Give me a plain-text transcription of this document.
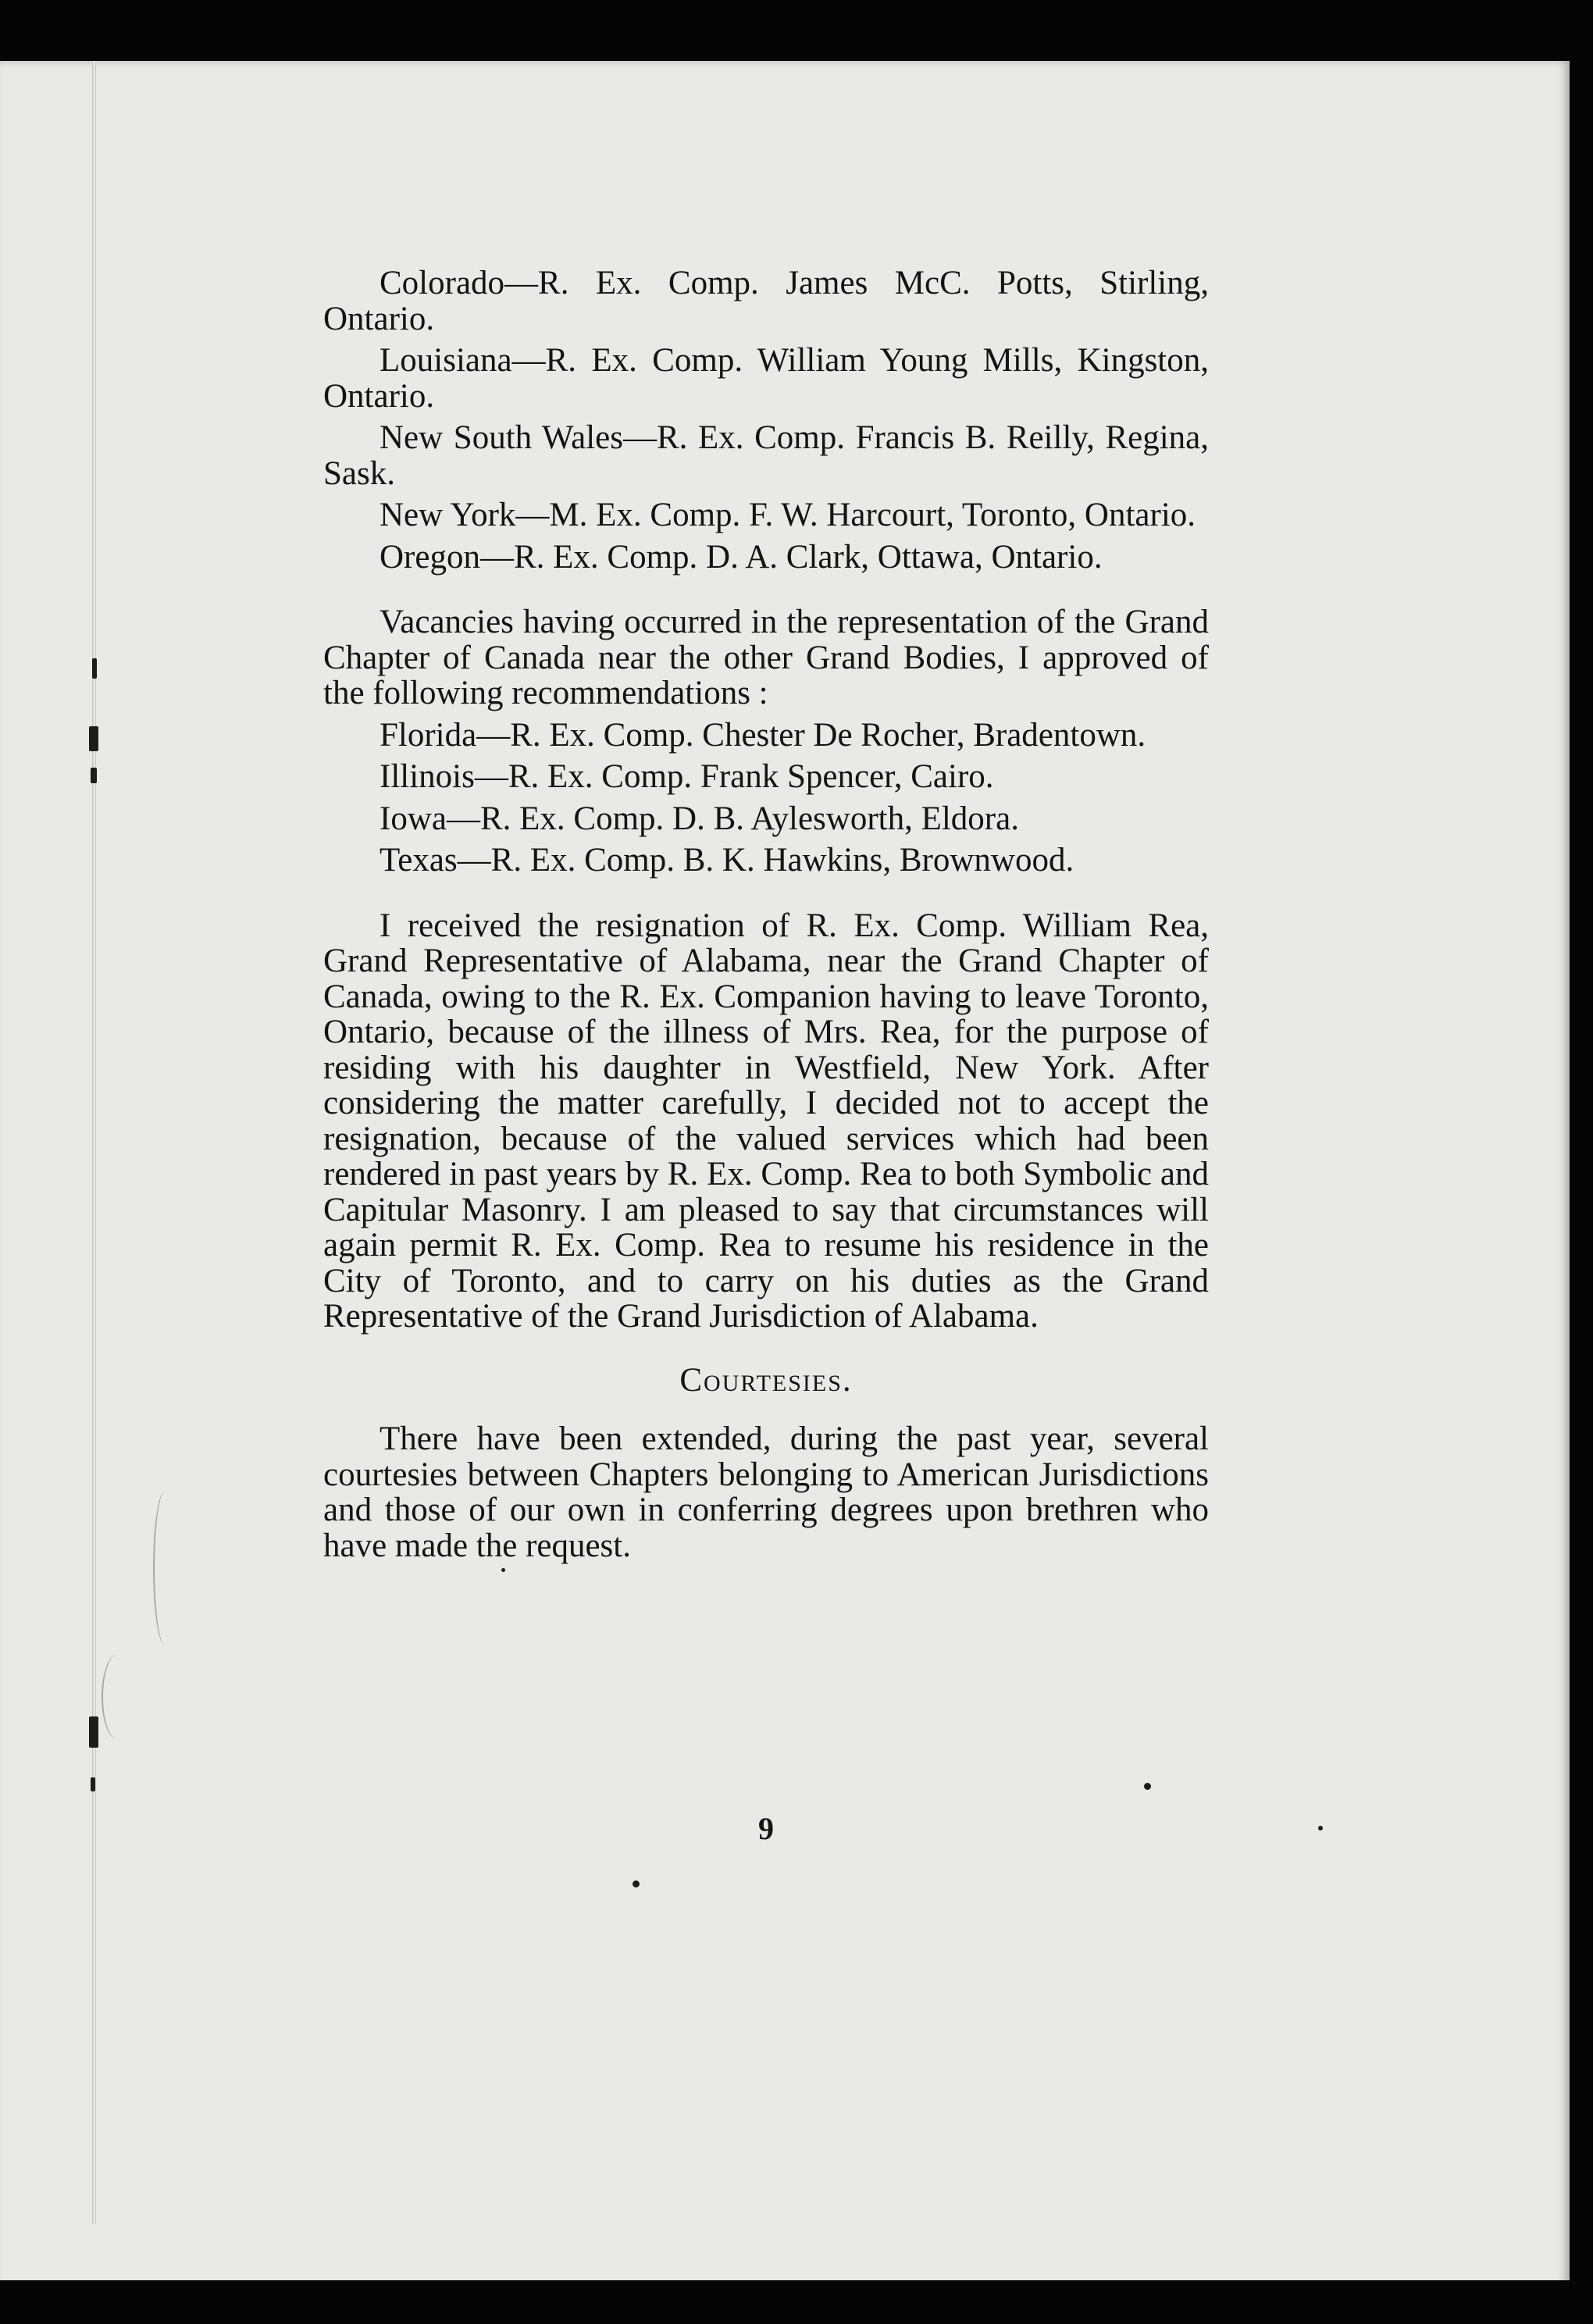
Colorado—R. Ex. Comp. James McC. Potts, Stirling, Ontario.

Louisiana—R. Ex. Comp. William Young Mills, Kingston, Ontario.

New South Wales—R. Ex. Comp. Francis B. Reilly, Regina, Sask.

New York—M. Ex. Comp. F. W. Harcourt, Toronto, Ontario.

Oregon—R. Ex. Comp. D. A. Clark, Ottawa, Ontario.

Vacancies having occurred in the representation of the Grand Chapter of Canada near the other Grand Bodies, I approved of the following recommendations :

Florida—R. Ex. Comp. Chester De Rocher, Bradentown.

Illinois—R. Ex. Comp. Frank Spencer, Cairo.

Iowa—R. Ex. Comp. D. B. Aylesworth, Eldora.

Texas—R. Ex. Comp. B. K. Hawkins, Brownwood.

I received the resignation of R. Ex. Comp. William Rea, Grand Representative of Alabama, near the Grand Chapter of Canada, owing to the R. Ex. Companion having to leave Toronto, Ontario, because of the illness of Mrs. Rea, for the purpose of residing with his daughter in Westfield, New York. After considering the matter carefully, I decided not to accept the resignation, because of the valued services which had been rendered in past years by R. Ex. Comp. Rea to both Symbolic and Capitular Masonry. I am pleased to say that circumstances will again permit R. Ex. Comp. Rea to resume his residence in the City of Toronto, and to carry on his duties as the Grand Representative of the Grand Jurisdiction of Alabama.

Courtesies.

There have been extended, during the past year, several courtesies between Chapters belonging to American Jurisdictions and those of our own in conferring degrees upon brethren who have made the request.

9
